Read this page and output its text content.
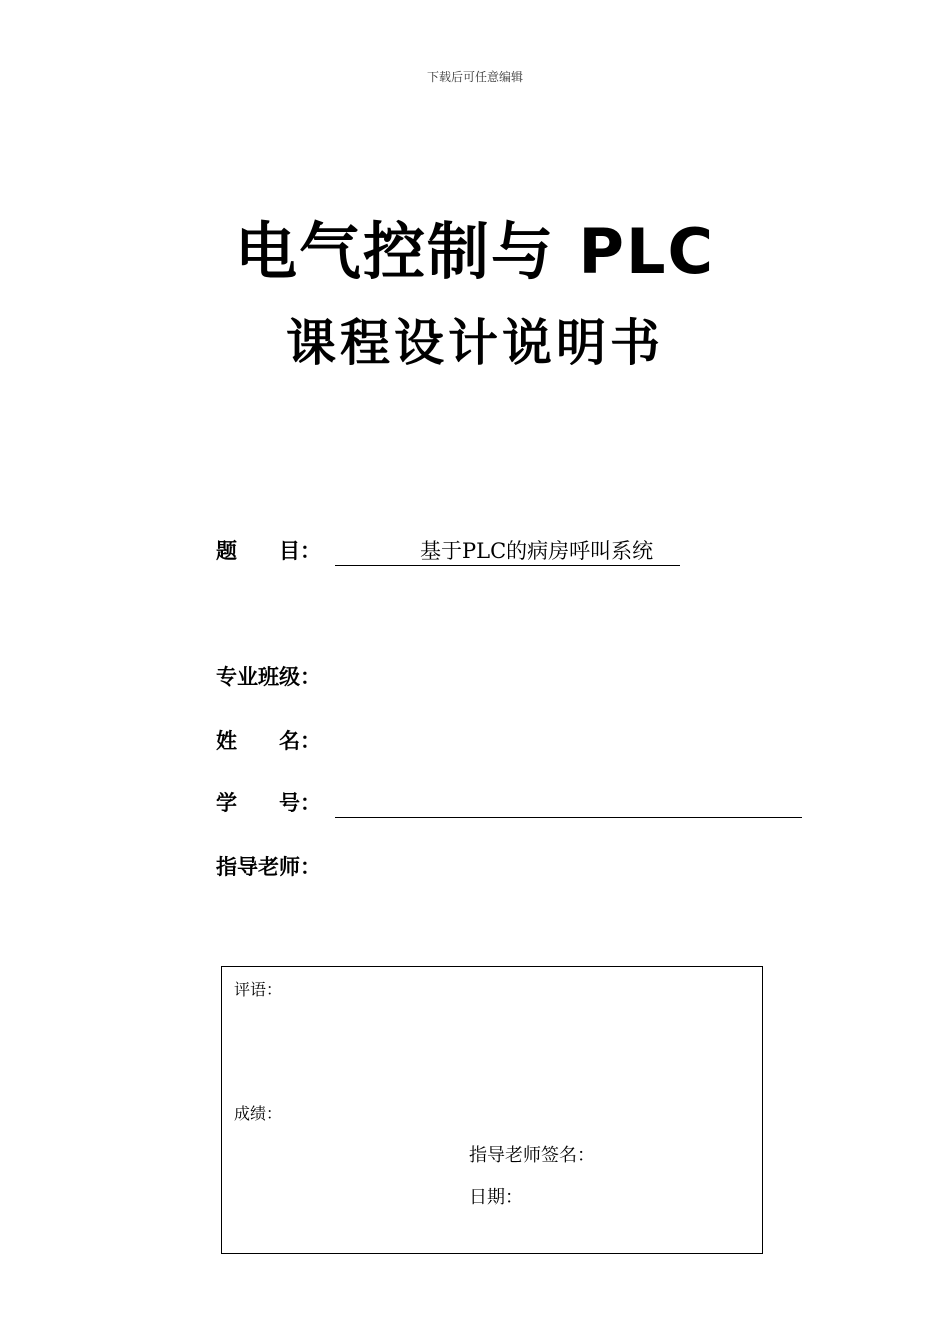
下载后可任意编辑
电气控制与 PLC
课程设计说明书
题　　目：	基于PLC的病房呼叫系统
专业班级：
姓　　名：
学　　号：
指导老师：
评语：
成绩：
指导老师签名：
日期：
